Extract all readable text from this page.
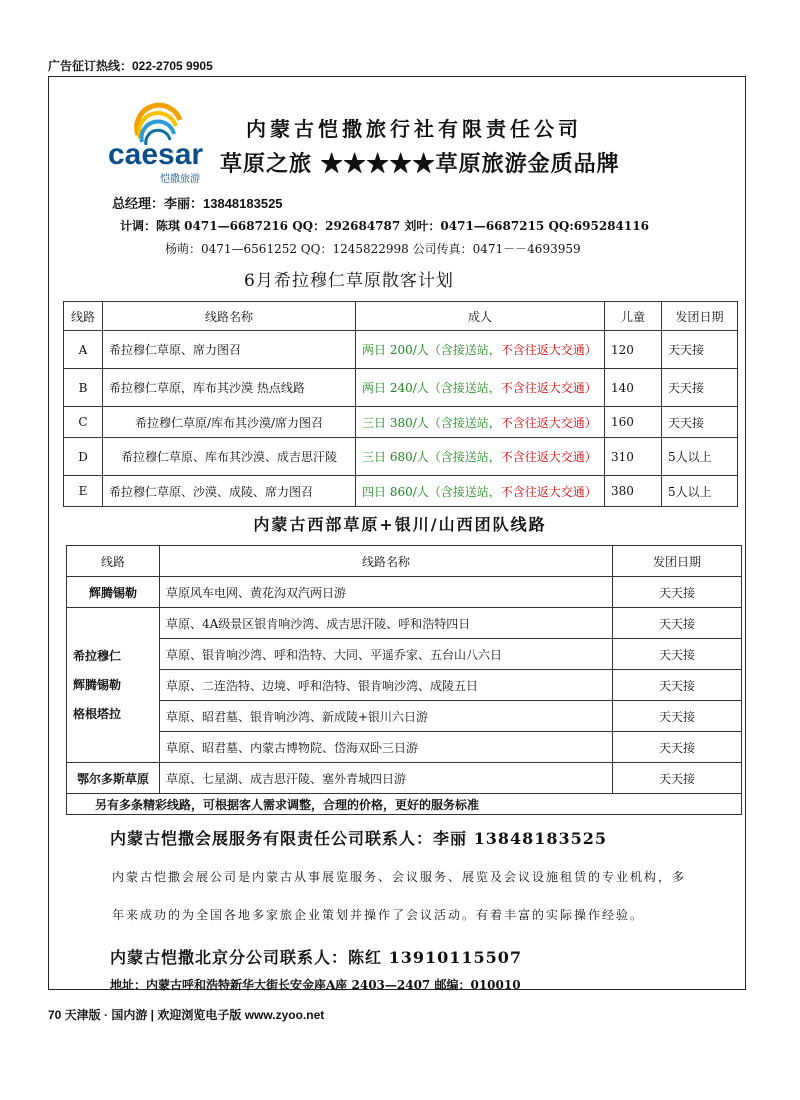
广告征订热线：022-2705 9905
caesar
恺撒旅游
内蒙古恺撒旅行社有限责任公司
草原之旅 ★★★★★草原旅游金质品牌
总经理：李丽：13848183525
计调：陈琪 0471—6687216 QQ：292684787 刘叶：0471—6687215 QQ:695284116
杨萌：0471—6561252 QQ：1245822998 公司传真：0471－－4693959
6月希拉穆仁草原散客计划
线路	线路名称	成人	儿童	发团日期
A	希拉穆仁草原、席力图召	两日 200/人（含接送站，不含往返大交通）	120	天天接
B	希拉穆仁草原，库布其沙漠 热点线路	两日 240/人（含接送站，不含往返大交通）	140	天天接
C	希拉穆仁草原/库布其沙漠/席力图召	三日 380/人（含接送站，不含往返大交通）	160	天天接
D	希拉穆仁草原、库布其沙漠、成吉思汗陵	三日 680/人（含接送站，不含往返大交通）	310	5人以上
E	希拉穆仁草原、沙漠、成陵、席力图召	四日 860/人（含接送站，不含往返大交通）	380	5人以上
内蒙古西部草原+银川/山西团队线路
线路	线路名称	发团日期
辉腾锡勒	草原风车电网、黄花沟双汽两日游	天天接

希拉穆仁
辉腾锡勒
格根塔拉	草原、4A级景区银肯响沙湾、成吉思汗陵、呼和浩特四日	天天接
	草原、银肯响沙湾、呼和浩特、大同、平遥乔家、五台山八六日	天天接
	草原、二连浩特、边境、呼和浩特、银肯响沙湾、成陵五日	天天接
	草原、昭君墓、银肯响沙湾、新成陵+银川六日游	天天接
	草原、昭君墓、内蒙古博物院、岱海双卧三日游	天天接
鄂尔多斯草原	草原、七星湖、成吉思汗陵、塞外青城四日游	天天接
另有多条精彩线路，可根据客人需求调整，合理的价格，更好的服务标准		
内蒙古恺撒会展服务有限责任公司联系人：李丽 13848183525
内蒙古恺撒会展公司是内蒙古从事展览服务、会议服务、展览及会议设施租赁的专业机构，多
年来成功的为全国各地多家旅企业策划并操作了会议活动。有着丰富的实际操作经验。
内蒙古恺撒北京分公司联系人：陈红 13910115507
地址：内蒙古呼和浩特新华大街长安金座A座 2403—2407 邮编：010010
70 天津版 · 国内游 | 欢迎浏览电子版 www.zyoo.net
